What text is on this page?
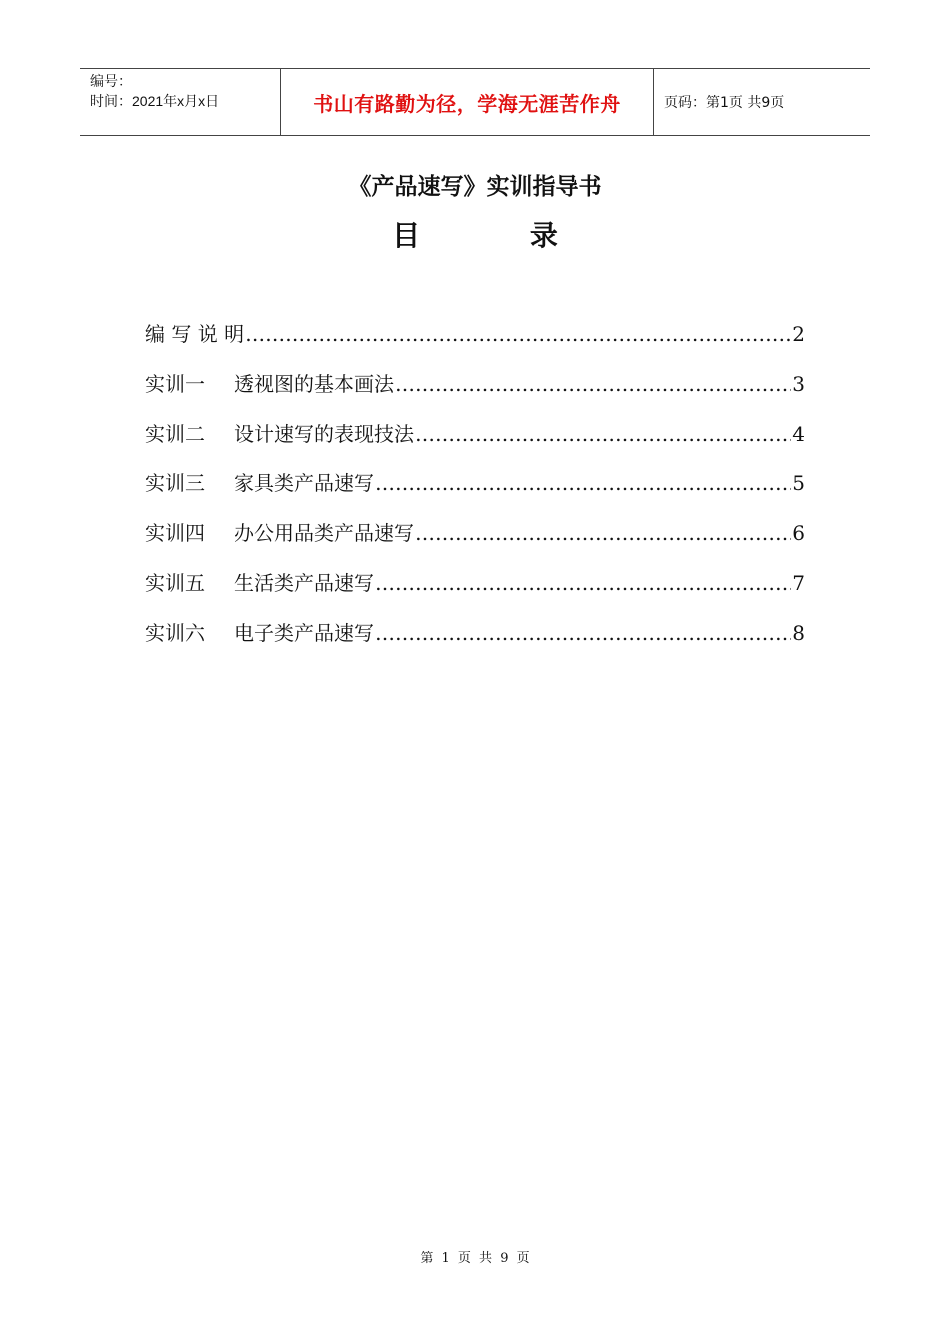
编号：
时间：2021年x月x日	书山有路勤为径，学海无涯苦作舟	页码：第1页 共9页
《产品速写》实训指导书
目 录
编 写 说 明 …………………………………………………………………………………………………………………………………………………………	2
实训一 透视图的基本画法 …………………………………………………………………………………………………………………………………………………………	3
实训二 设计速写的表现技法 …………………………………………………………………………………………………………………………………………………………	4
实训三 家具类产品速写 …………………………………………………………………………………………………………………………………………………………	5
实训四 办公用品类产品速写 …………………………………………………………………………………………………………………………………………………………	6
实训五 生活类产品速写 …………………………………………………………………………………………………………………………………………………………	7
实训六 电子类产品速写 …………………………………………………………………………………………………………………………………………………………	8
第 1 页 共 9 页
